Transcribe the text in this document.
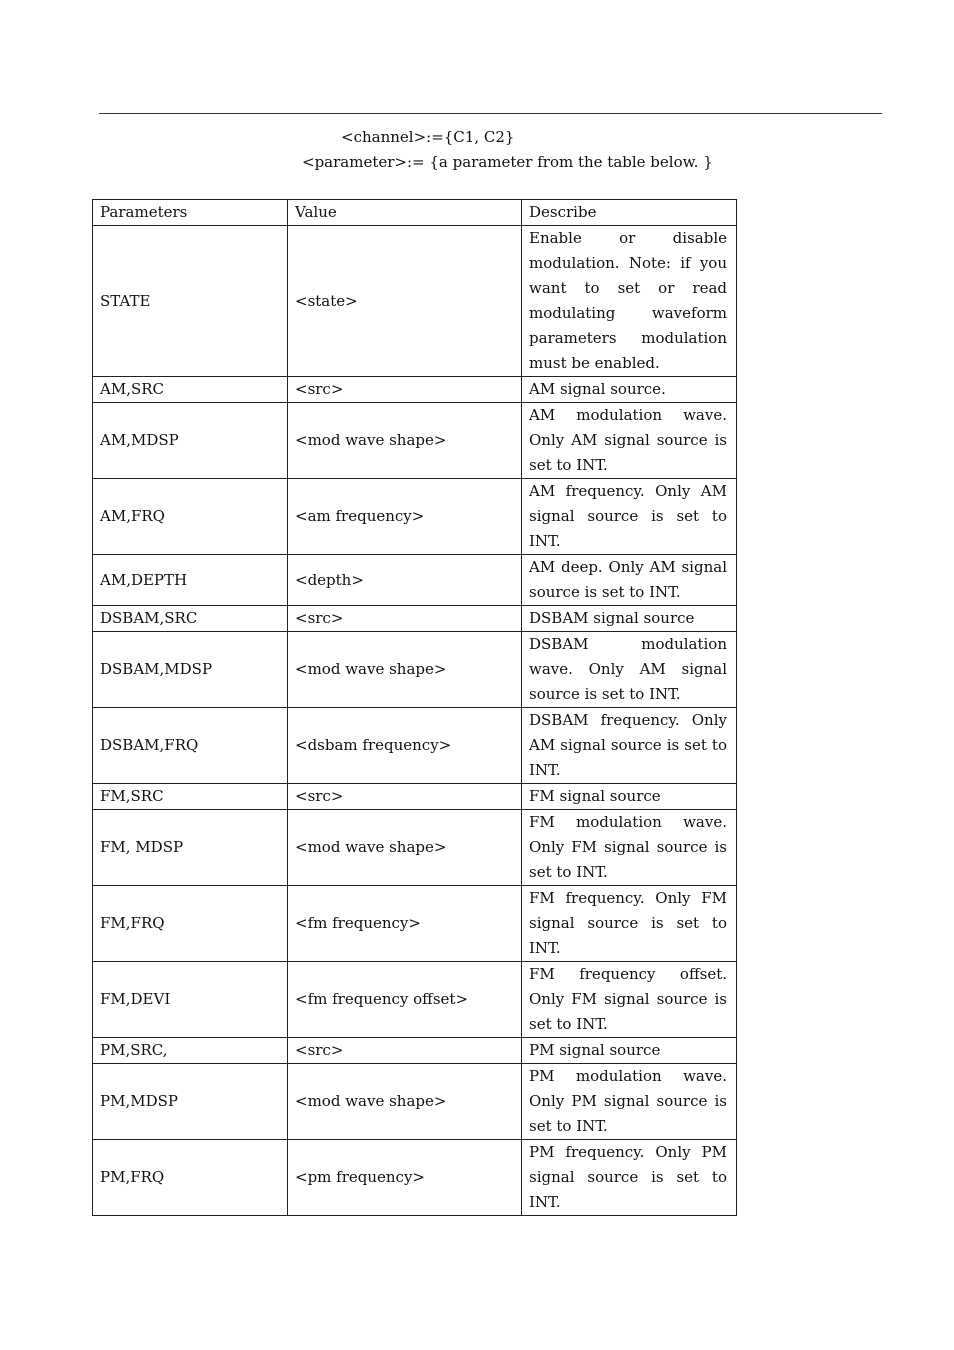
<channel>:={C1, C2}
<parameter>:= {a parameter from the table below. }
Parameters	Value	Describe
STATE	<state>	Enable or disable modulation. Note: if you want to set or read modulating waveform parameters modulation must be enabled.
AM,SRC	<src>	AM signal source.
AM,MDSP	<mod wave shape>	AM modulation wave. Only AM signal source is set to INT.
AM,FRQ	<am frequency>	AM frequency. Only AM signal source is set to INT.
AM,DEPTH	<depth>	AM deep. Only AM signal source is set to INT.
DSBAM,SRC	<src>	DSBAM signal source
DSBAM,MDSP	<mod wave shape>	DSBAM modulation wave. Only AM signal source is set to INT.
DSBAM,FRQ	<dsbam frequency>	DSBAM frequency. Only AM signal source is set to INT.
FM,SRC	<src>	FM signal source
FM, MDSP	<mod wave shape>	FM modulation wave. Only FM signal source is set to INT.
FM,FRQ	<fm frequency>	FM frequency. Only FM signal source is set to INT.
FM,DEVI	<fm frequency offset>	FM frequency offset. Only FM signal source is set to INT.
PM,SRC,	<src>	PM signal source
PM,MDSP	<mod wave shape>	PM modulation wave. Only PM signal source is set to INT.
PM,FRQ	<pm frequency>	PM frequency. Only PM signal source is set to INT.
